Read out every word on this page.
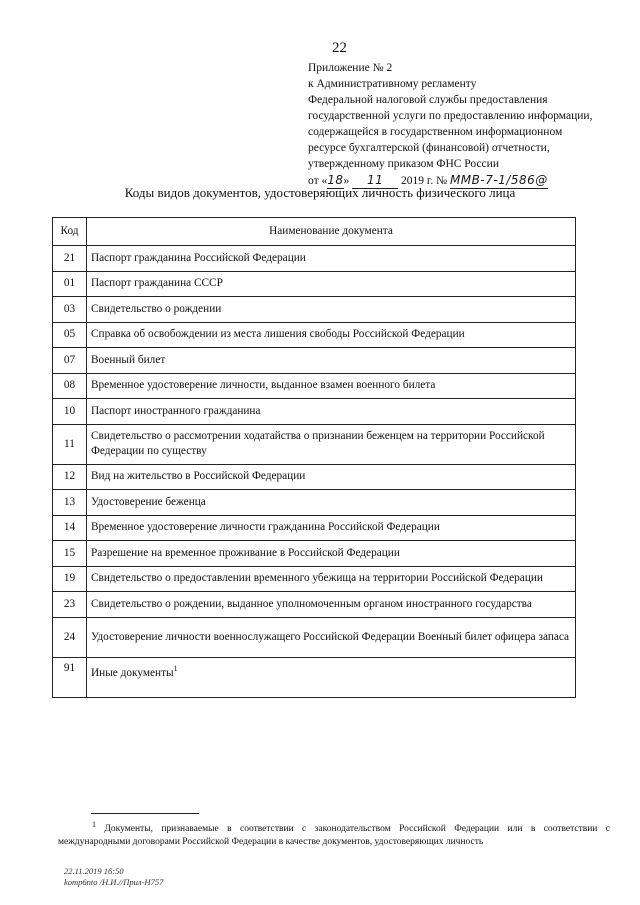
22
Приложение № 2
к Административному регламенту
Федеральной налоговой службы предоставления
государственной услуги по предоставлению информации,
содержащейся в государственном информационном
ресурсе бухгалтерской (финансовой) отчетности,
утвержденному приказом ФНС России
от «18» 11 2019 г. № ММВ-7-1/586@
Коды видов документов, удостоверяющих личность физического лица
Код	Наименование документа
21	Паспорт гражданина Российской Федерации
01	Паспорт гражданина СССР
03	Свидетельство о рождении
05	Справка об освобождении из места лишения свободы Российской Федерации
07	Военный билет
08	Временное удостоверение личности, выданное взамен военного билета
10	Паспорт иностранного гражданина
11	Свидетельство о рассмотрении ходатайства о признании беженцем на территории Российской Федерации по существу
12	Вид на жительство в Российской Федерации
13	Удостоверение беженца
14	Временное удостоверение личности гражданина Российской Федерации
15	Разрешение на временное проживание в Российской Федерации
19	Свидетельство о предоставлении временного убежища на территории Российской Федерации
23	Свидетельство о рождении, выданное уполномоченным органом иностранного государства
24	Удостоверение личности военнослужащего Российской Федерации Военный билет офицера запаса
91	Иные документы$^1$
$^1$ Документы, признаваемые в соответствии с законодательством Российской Федерации или в соответствии с международными договорами Российской Федерации в качестве документов, удостоверяющих личность
22.11.2019 16:50
komp6nto /Н.И.//Прил-Н757
